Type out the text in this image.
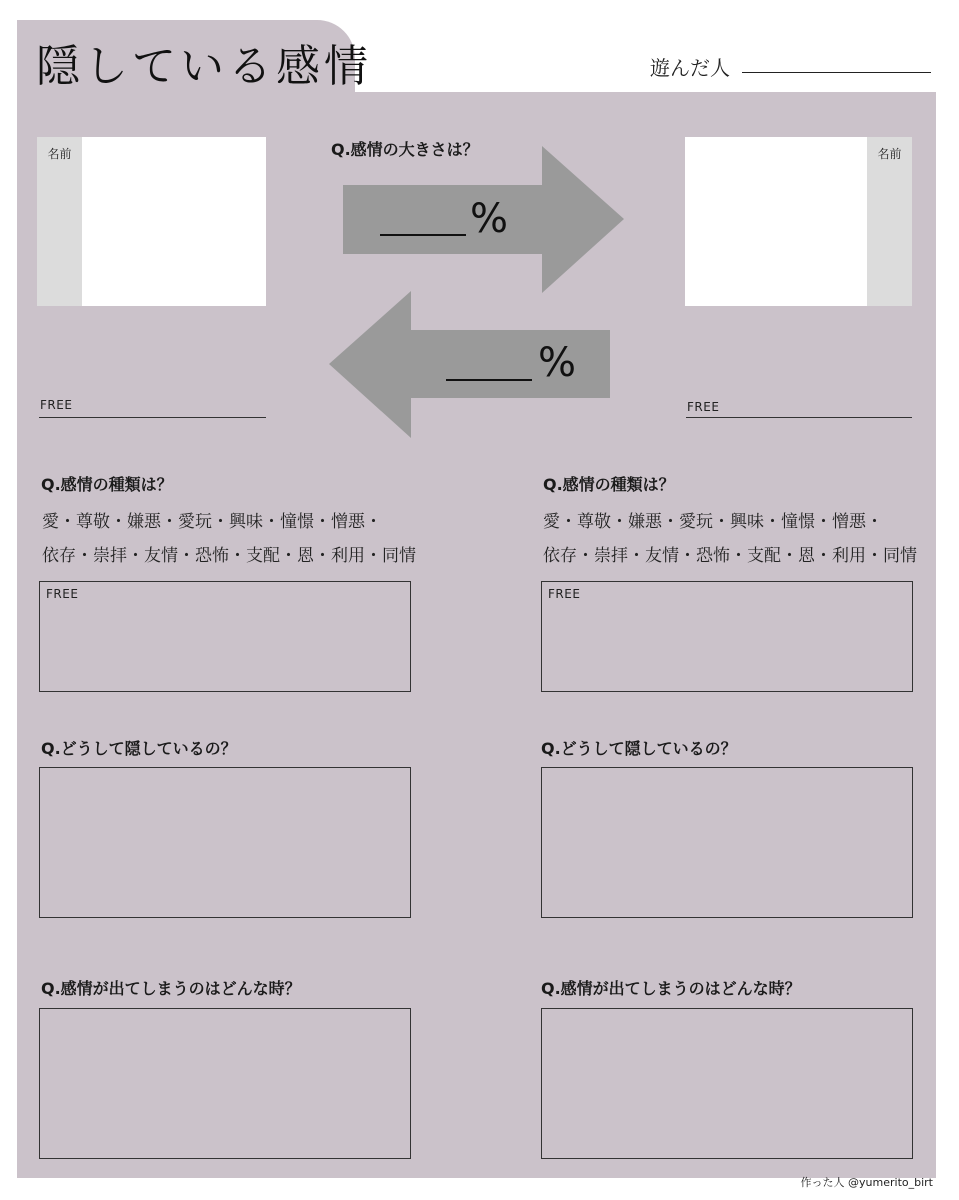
隠している感情	遊んだ人
名前	名前
FREE	FREE
Q.感情の大きさは？
%
%
Q.感情の種類は？
愛・尊敬・嫌悪・愛玩・興味・憧憬・憎悪・
依存・崇拝・友情・恐怖・支配・恩・利用・同情
FREE
Q.どうして隠しているの？
Q.感情が出てしまうのはどんな時？
Q.感情の種類は？
愛・尊敬・嫌悪・愛玩・興味・憧憬・憎悪・
依存・崇拝・友情・恐怖・支配・恩・利用・同情
FREE
Q.どうして隠しているの？
Q.感情が出てしまうのはどんな時？
作った人 @yumerito_birt
